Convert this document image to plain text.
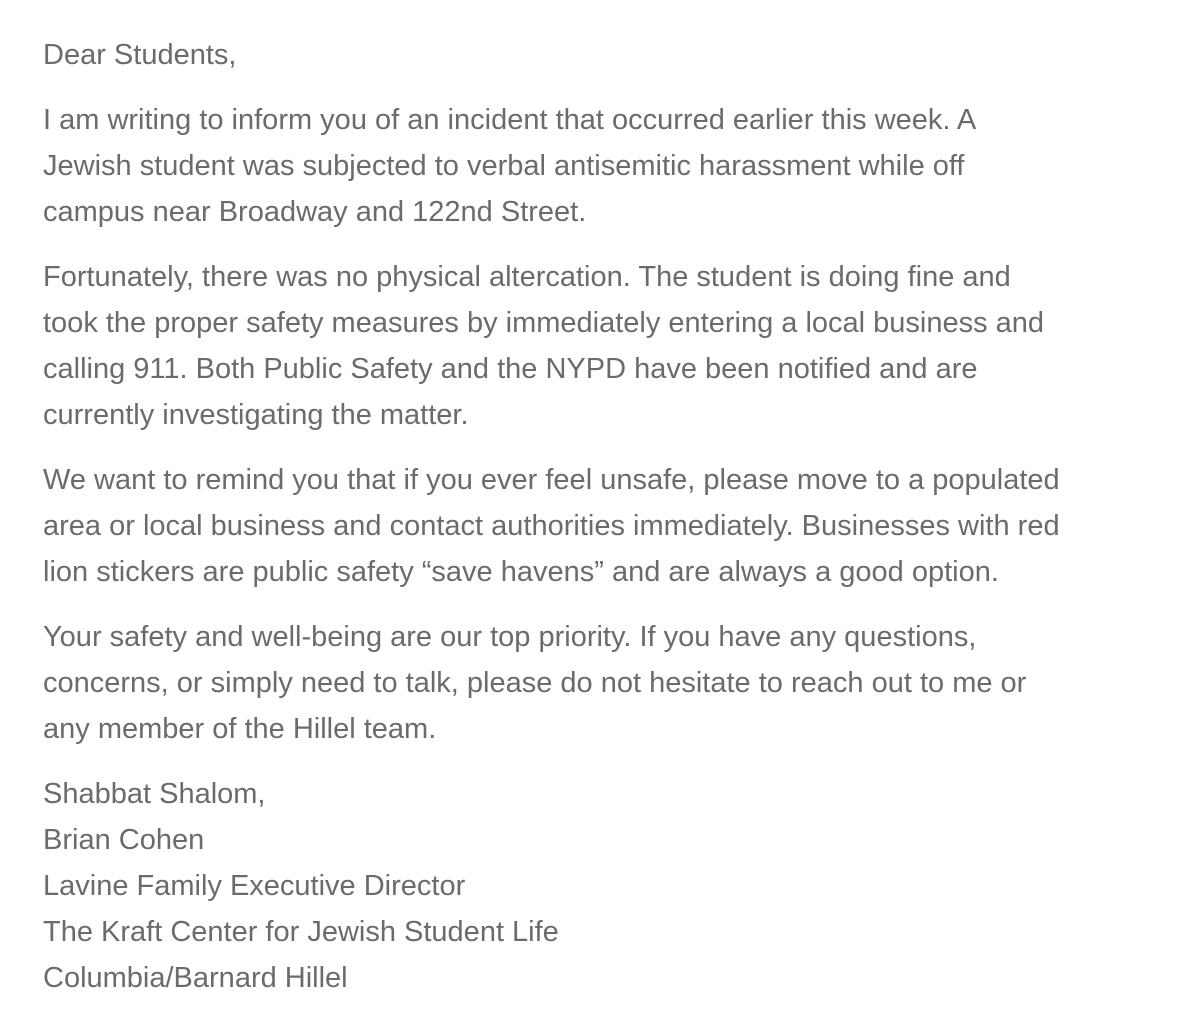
Dear Students,

I am writing to inform you of an incident that occurred earlier this week. A
Jewish student was subjected to verbal antisemitic harassment while off
campus near Broadway and 122nd Street.

Fortunately, there was no physical altercation. The student is doing fine and
took the proper safety measures by immediately entering a local business and
calling 911. Both Public Safety and the NYPD have been notified and are
currently investigating the matter.

We want to remind you that if you ever feel unsafe, please move to a populated
area or local business and contact authorities immediately. Businesses with red
lion stickers are public safety “save havens” and are always a good option.

Your safety and well-being are our top priority. If you have any questions,
concerns, or simply need to talk, please do not hesitate to reach out to me or
any member of the Hillel team.

Shabbat Shalom,
Brian Cohen
Lavine Family Executive Director
The Kraft Center for Jewish Student Life
Columbia/Barnard Hillel
